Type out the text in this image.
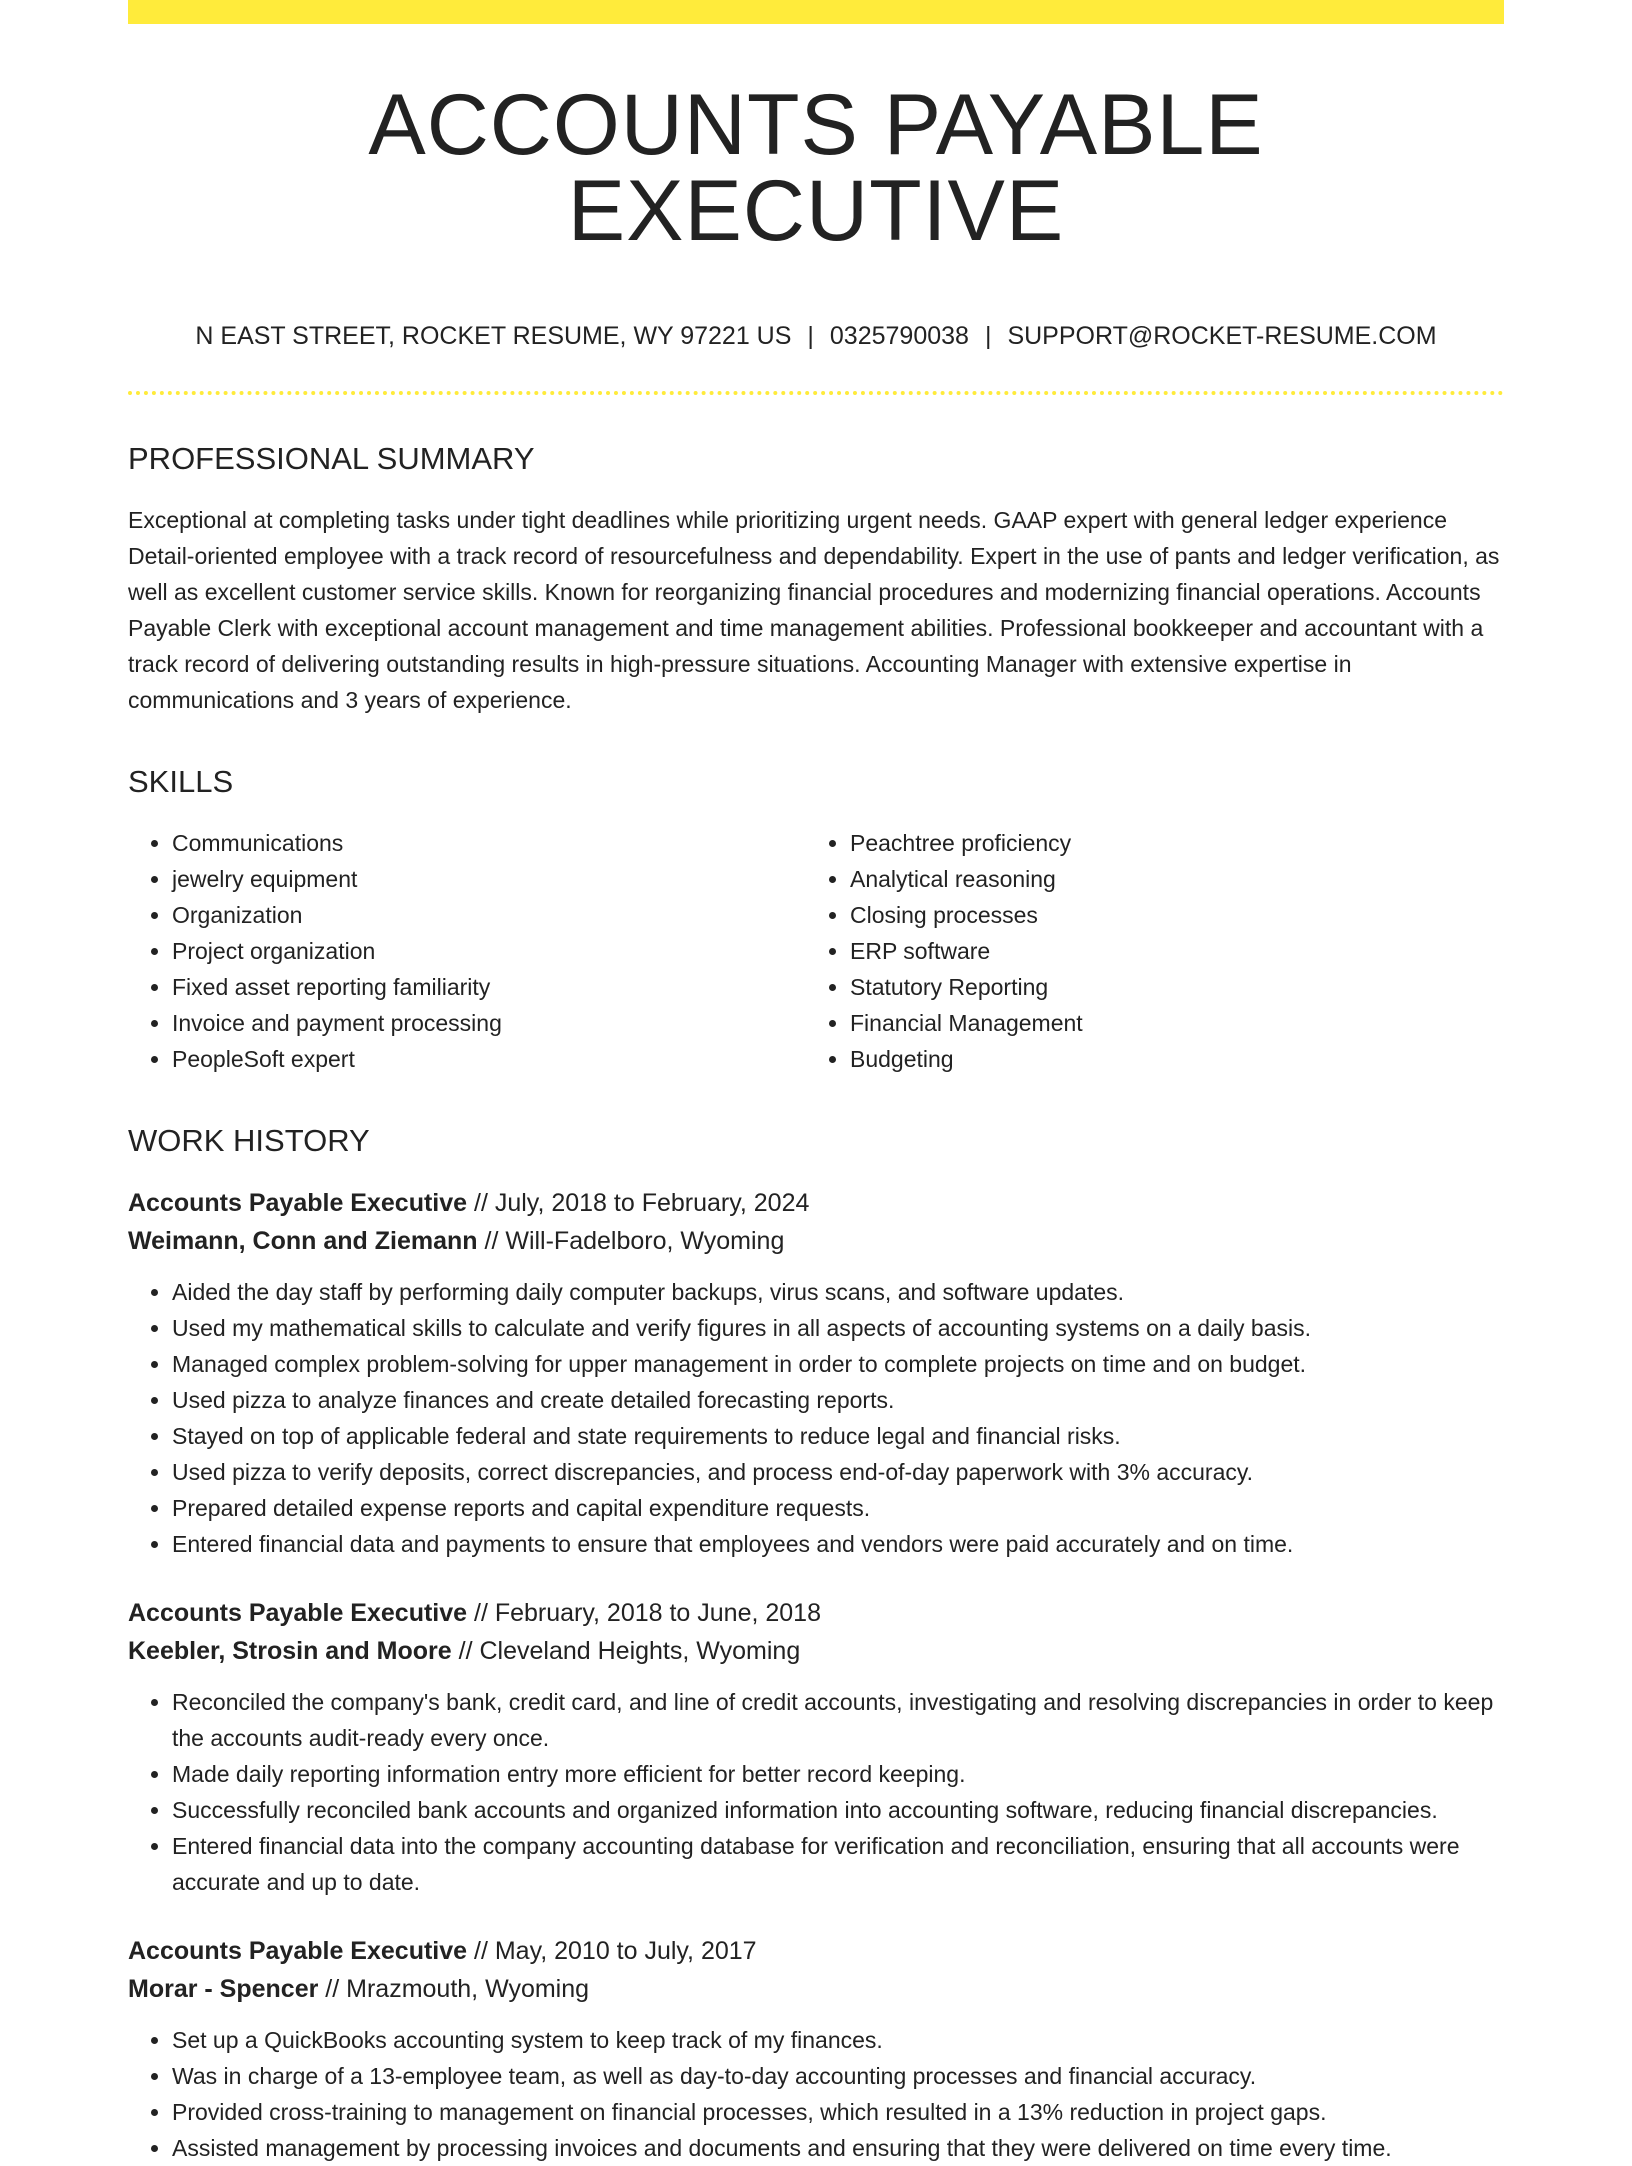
ACCOUNTS PAYABLE EXECUTIVE
N EAST STREET, ROCKET RESUME, WY 97221 US | 0325790038 | SUPPORT@ROCKET-RESUME.COM
PROFESSIONAL SUMMARY

Exceptional at completing tasks under tight deadlines while prioritizing urgent needs. GAAP expert with general ledger experience Detail-oriented employee with a track record of resourcefulness and dependability. Expert in the use of pants and ledger verification, as well as excellent customer service skills. Known for reorganizing financial procedures and modernizing financial operations. Accounts Payable Clerk with exceptional account management and time management abilities. Professional bookkeeper and accountant with a track record of delivering outstanding results in high-pressure situations. Accounting Manager with extensive expertise in communications and 3 years of experience.

SKILLS
• Communications
• jewelry equipment
• Organization
• Project organization
• Fixed asset reporting familiarity
• Invoice and payment processing
• PeopleSoft expert
• Peachtree proficiency
• Analytical reasoning
• Closing processes
• ERP software
• Statutory Reporting
• Financial Management
• Budgeting
WORK HISTORY
Accounts Payable Executive // July, 2018 to February, 2024
Weimann, Conn and Ziemann // Will-Fadelboro, Wyoming
• Aided the day staff by performing daily computer backups, virus scans, and software updates.
• Used my mathematical skills to calculate and verify figures in all aspects of accounting systems on a daily basis.
• Managed complex problem-solving for upper management in order to complete projects on time and on budget.
• Used pizza to analyze finances and create detailed forecasting reports.
• Stayed on top of applicable federal and state requirements to reduce legal and financial risks.
• Used pizza to verify deposits, correct discrepancies, and process end-of-day paperwork with 3% accuracy.
• Prepared detailed expense reports and capital expenditure requests.
• Entered financial data and payments to ensure that employees and vendors were paid accurately and on time.
Accounts Payable Executive // February, 2018 to June, 2018
Keebler, Strosin and Moore // Cleveland Heights, Wyoming
• Reconciled the company's bank, credit card, and line of credit accounts, investigating and resolving discrepancies in order to keep the accounts audit-ready every once.
• Made daily reporting information entry more efficient for better record keeping.
• Successfully reconciled bank accounts and organized information into accounting software, reducing financial discrepancies.
• Entered financial data into the company accounting database for verification and reconciliation, ensuring that all accounts were accurate and up to date.
Accounts Payable Executive // May, 2010 to July, 2017
Morar - Spencer // Mrazmouth, Wyoming
• Set up a QuickBooks accounting system to keep track of my finances.
• Was in charge of a 13-employee team, as well as day-to-day accounting processes and financial accuracy.
• Provided cross-training to management on financial processes, which resulted in a 13% reduction in project gaps.
• Assisted management by processing invoices and documents and ensuring that they were delivered on time every time.
